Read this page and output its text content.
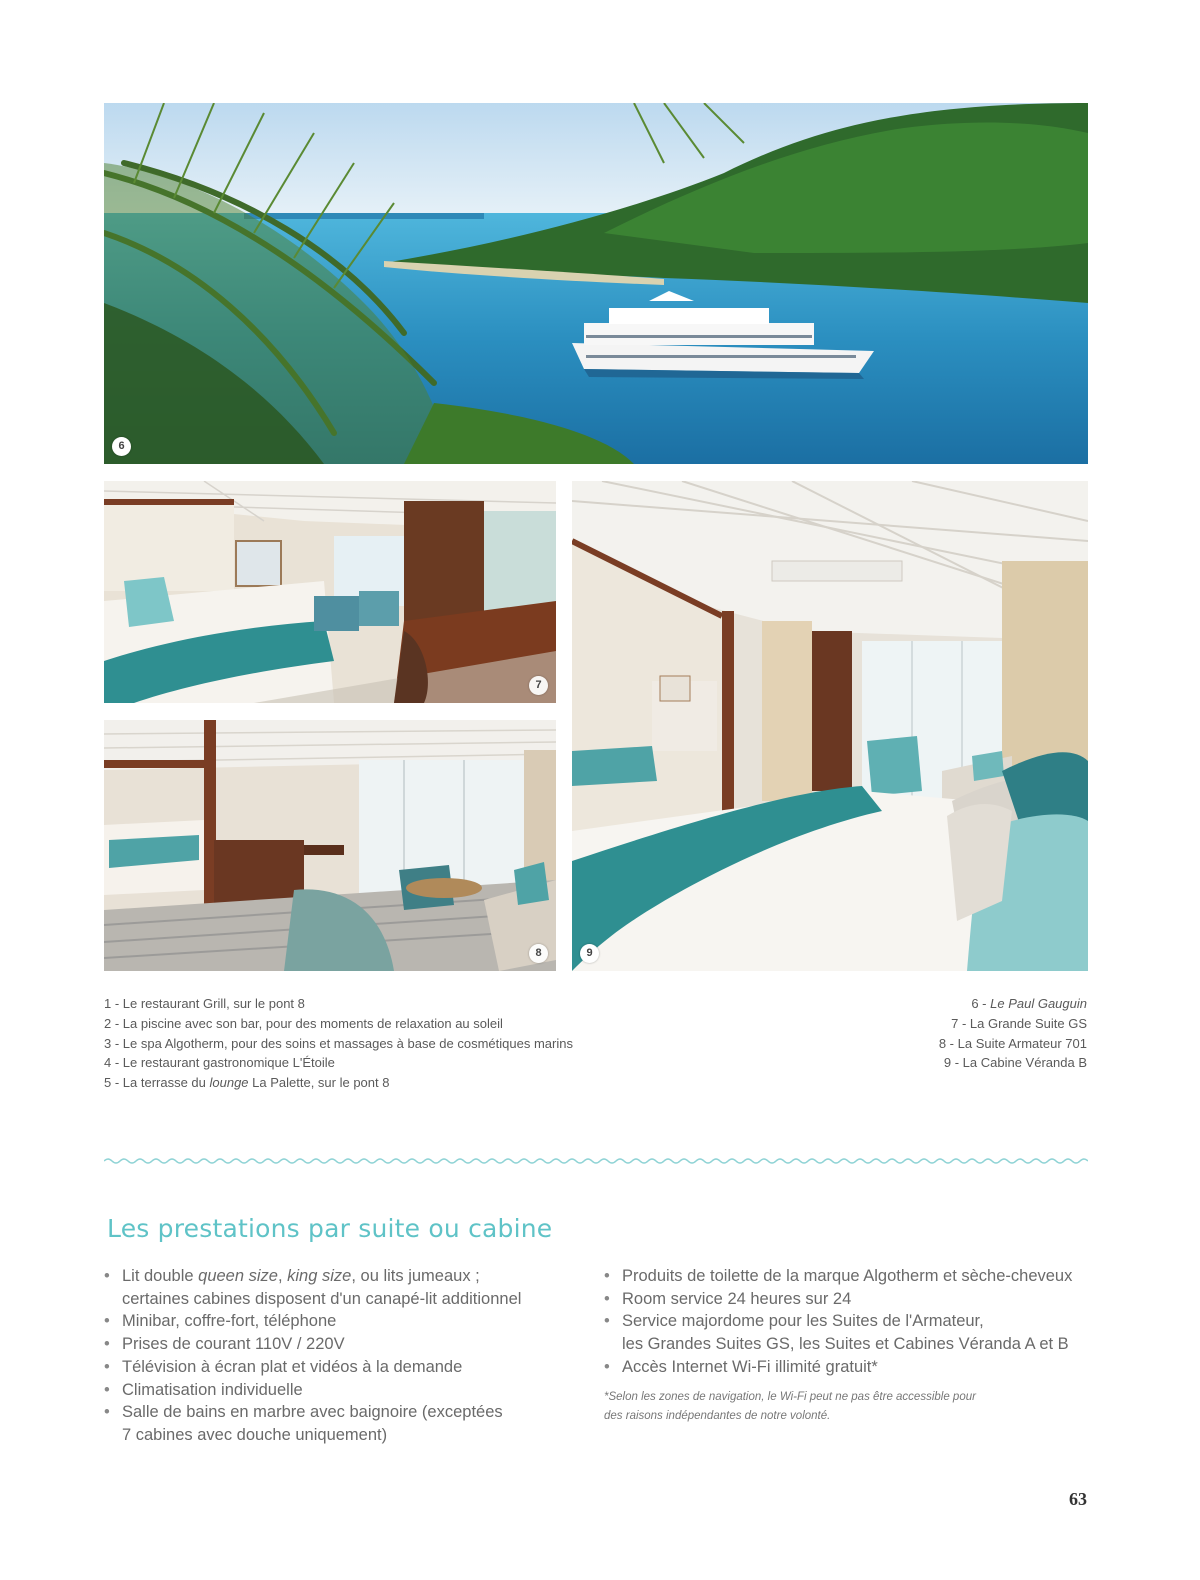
6
7
8	9
1 - Le restaurant Grill, sur le pont 8
2 - La piscine avec son bar, pour des moments de relaxation au soleil
3 - Le spa Algotherm, pour des soins et massages à base de cosmétiques marins
4 - Le restaurant gastronomique L'Étoile
5 - La terrasse du lounge La Palette, sur le pont 8
6 - Le Paul Gauguin
7 - La Grande Suite GS
8 - La Suite Armateur 701
9 - La Cabine Véranda B
Les prestations par suite ou cabine
• Lit double queen size, king size, ou lits jumeaux ;
certaines cabines disposent d'un canapé-lit additionnel
• Minibar, coffre-fort, téléphone
• Prises de courant 110V / 220V
• Télévision à écran plat et vidéos à la demande
• Climatisation individuelle
• Salle de bains en marbre avec baignoire (exceptées
7 cabines avec douche uniquement)
• Produits de toilette de la marque Algotherm et sèche-cheveux
• Room service 24 heures sur 24
• Service majordome pour les Suites de l'Armateur,
les Grandes Suites GS, les Suites et Cabines Véranda A et B
• Accès Internet Wi-Fi illimité gratuit*
*Selon les zones de navigation, le Wi-Fi peut ne pas être accessible pour
des raisons indépendantes de notre volonté.
63
